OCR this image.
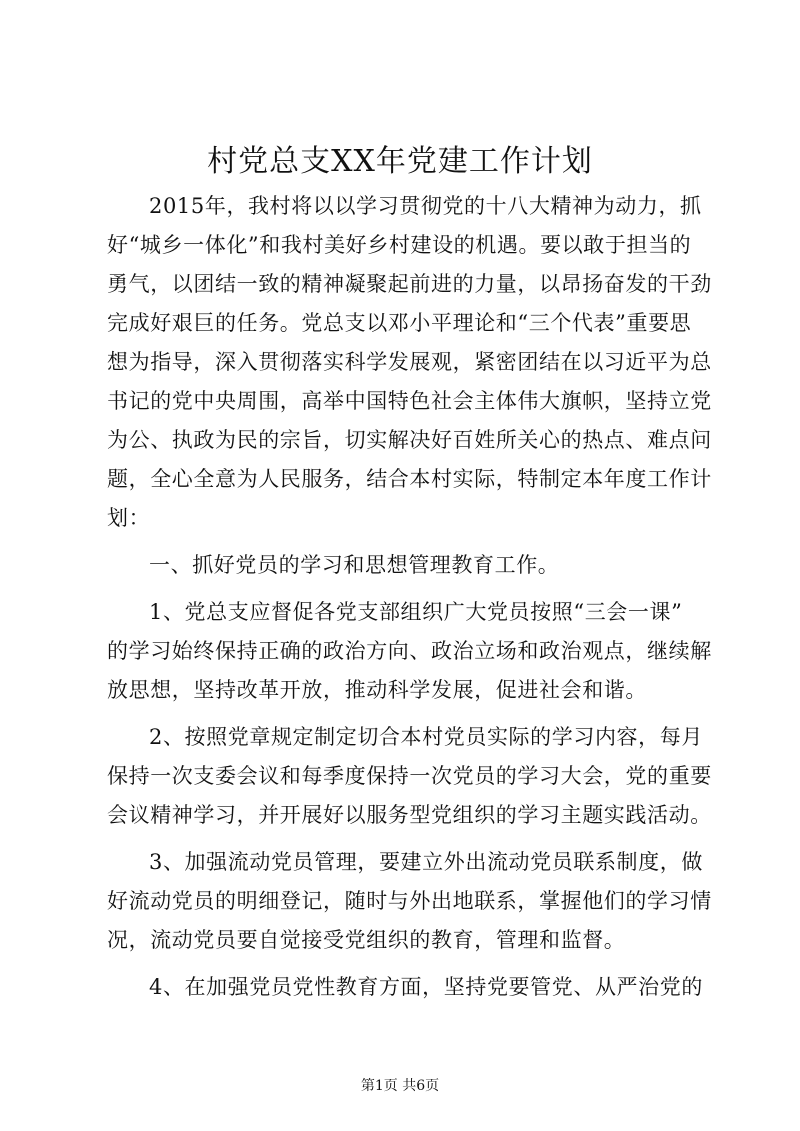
村党总支XX年党建工作计划
2015年，我村将以以学习贯彻党的十八大精神为动力，抓
好“城乡一体化”和我村美好乡村建设的机遇。要以敢于担当的
勇气，以团结一致的精神凝聚起前进的力量，以昂扬奋发的干劲
完成好艰巨的任务。党总支以邓小平理论和“三个代表”重要思
想为指导，深入贯彻落实科学发展观，紧密团结在以习近平为总
书记的党中央周围，高举中国特色社会主体伟大旗帜，坚持立党
为公、执政为民的宗旨，切实解决好百姓所关心的热点、难点问
题，全心全意为人民服务，结合本村实际，特制定本年度工作计
划：
一、抓好党员的学习和思想管理教育工作。
1、党总支应督促各党支部组织广大党员按照“三会一课”
的学习始终保持正确的政治方向、政治立场和政治观点，继续解
放思想，坚持改革开放，推动科学发展，促进社会和谐。
2、按照党章规定制定切合本村党员实际的学习内容，每月
保持一次支委会议和每季度保持一次党员的学习大会，党的重要
会议精神学习，并开展好以服务型党组织的学习主题实践活动。
3、加强流动党员管理，要建立外出流动党员联系制度，做
好流动党员的明细登记，随时与外出地联系，掌握他们的学习情
况，流动党员要自觉接受党组织的教育，管理和监督。
4、在加强党员党性教育方面，坚持党要管党、从严治党的
第1页 共6页
